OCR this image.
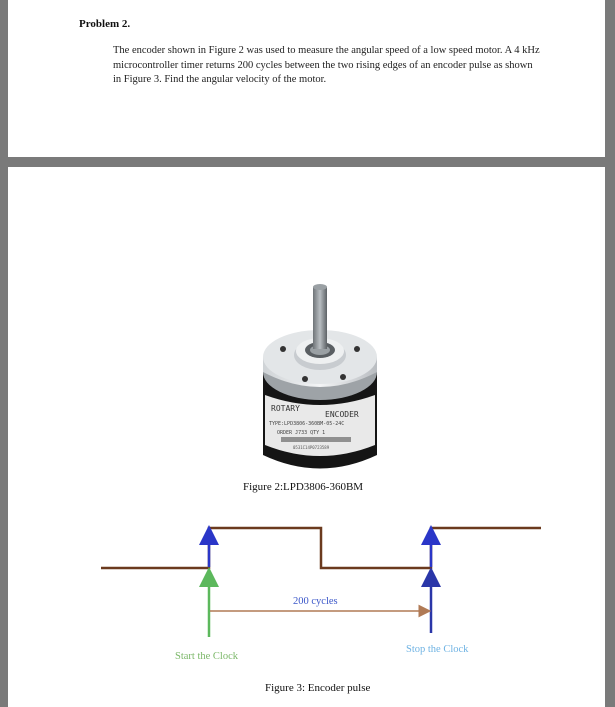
Problem 2.
The encoder shown in Figure 2 was used to measure the angular speed of a low speed motor. A 4 kHz microcontroller timer returns 200 cycles between the two rising edges of an encoder pulse as shown in Figure 3. Find the angular velocity of the motor.
ROTARY
ENCODER
TYPE:LPD3806-360BM-05-24C
ORDER J733 QTY 1
0531C14P0723589
Figure 2:LPD3806-360BM
200 cycles
Start the Clock
Stop the Clock
Figure 3: Encoder pulse
